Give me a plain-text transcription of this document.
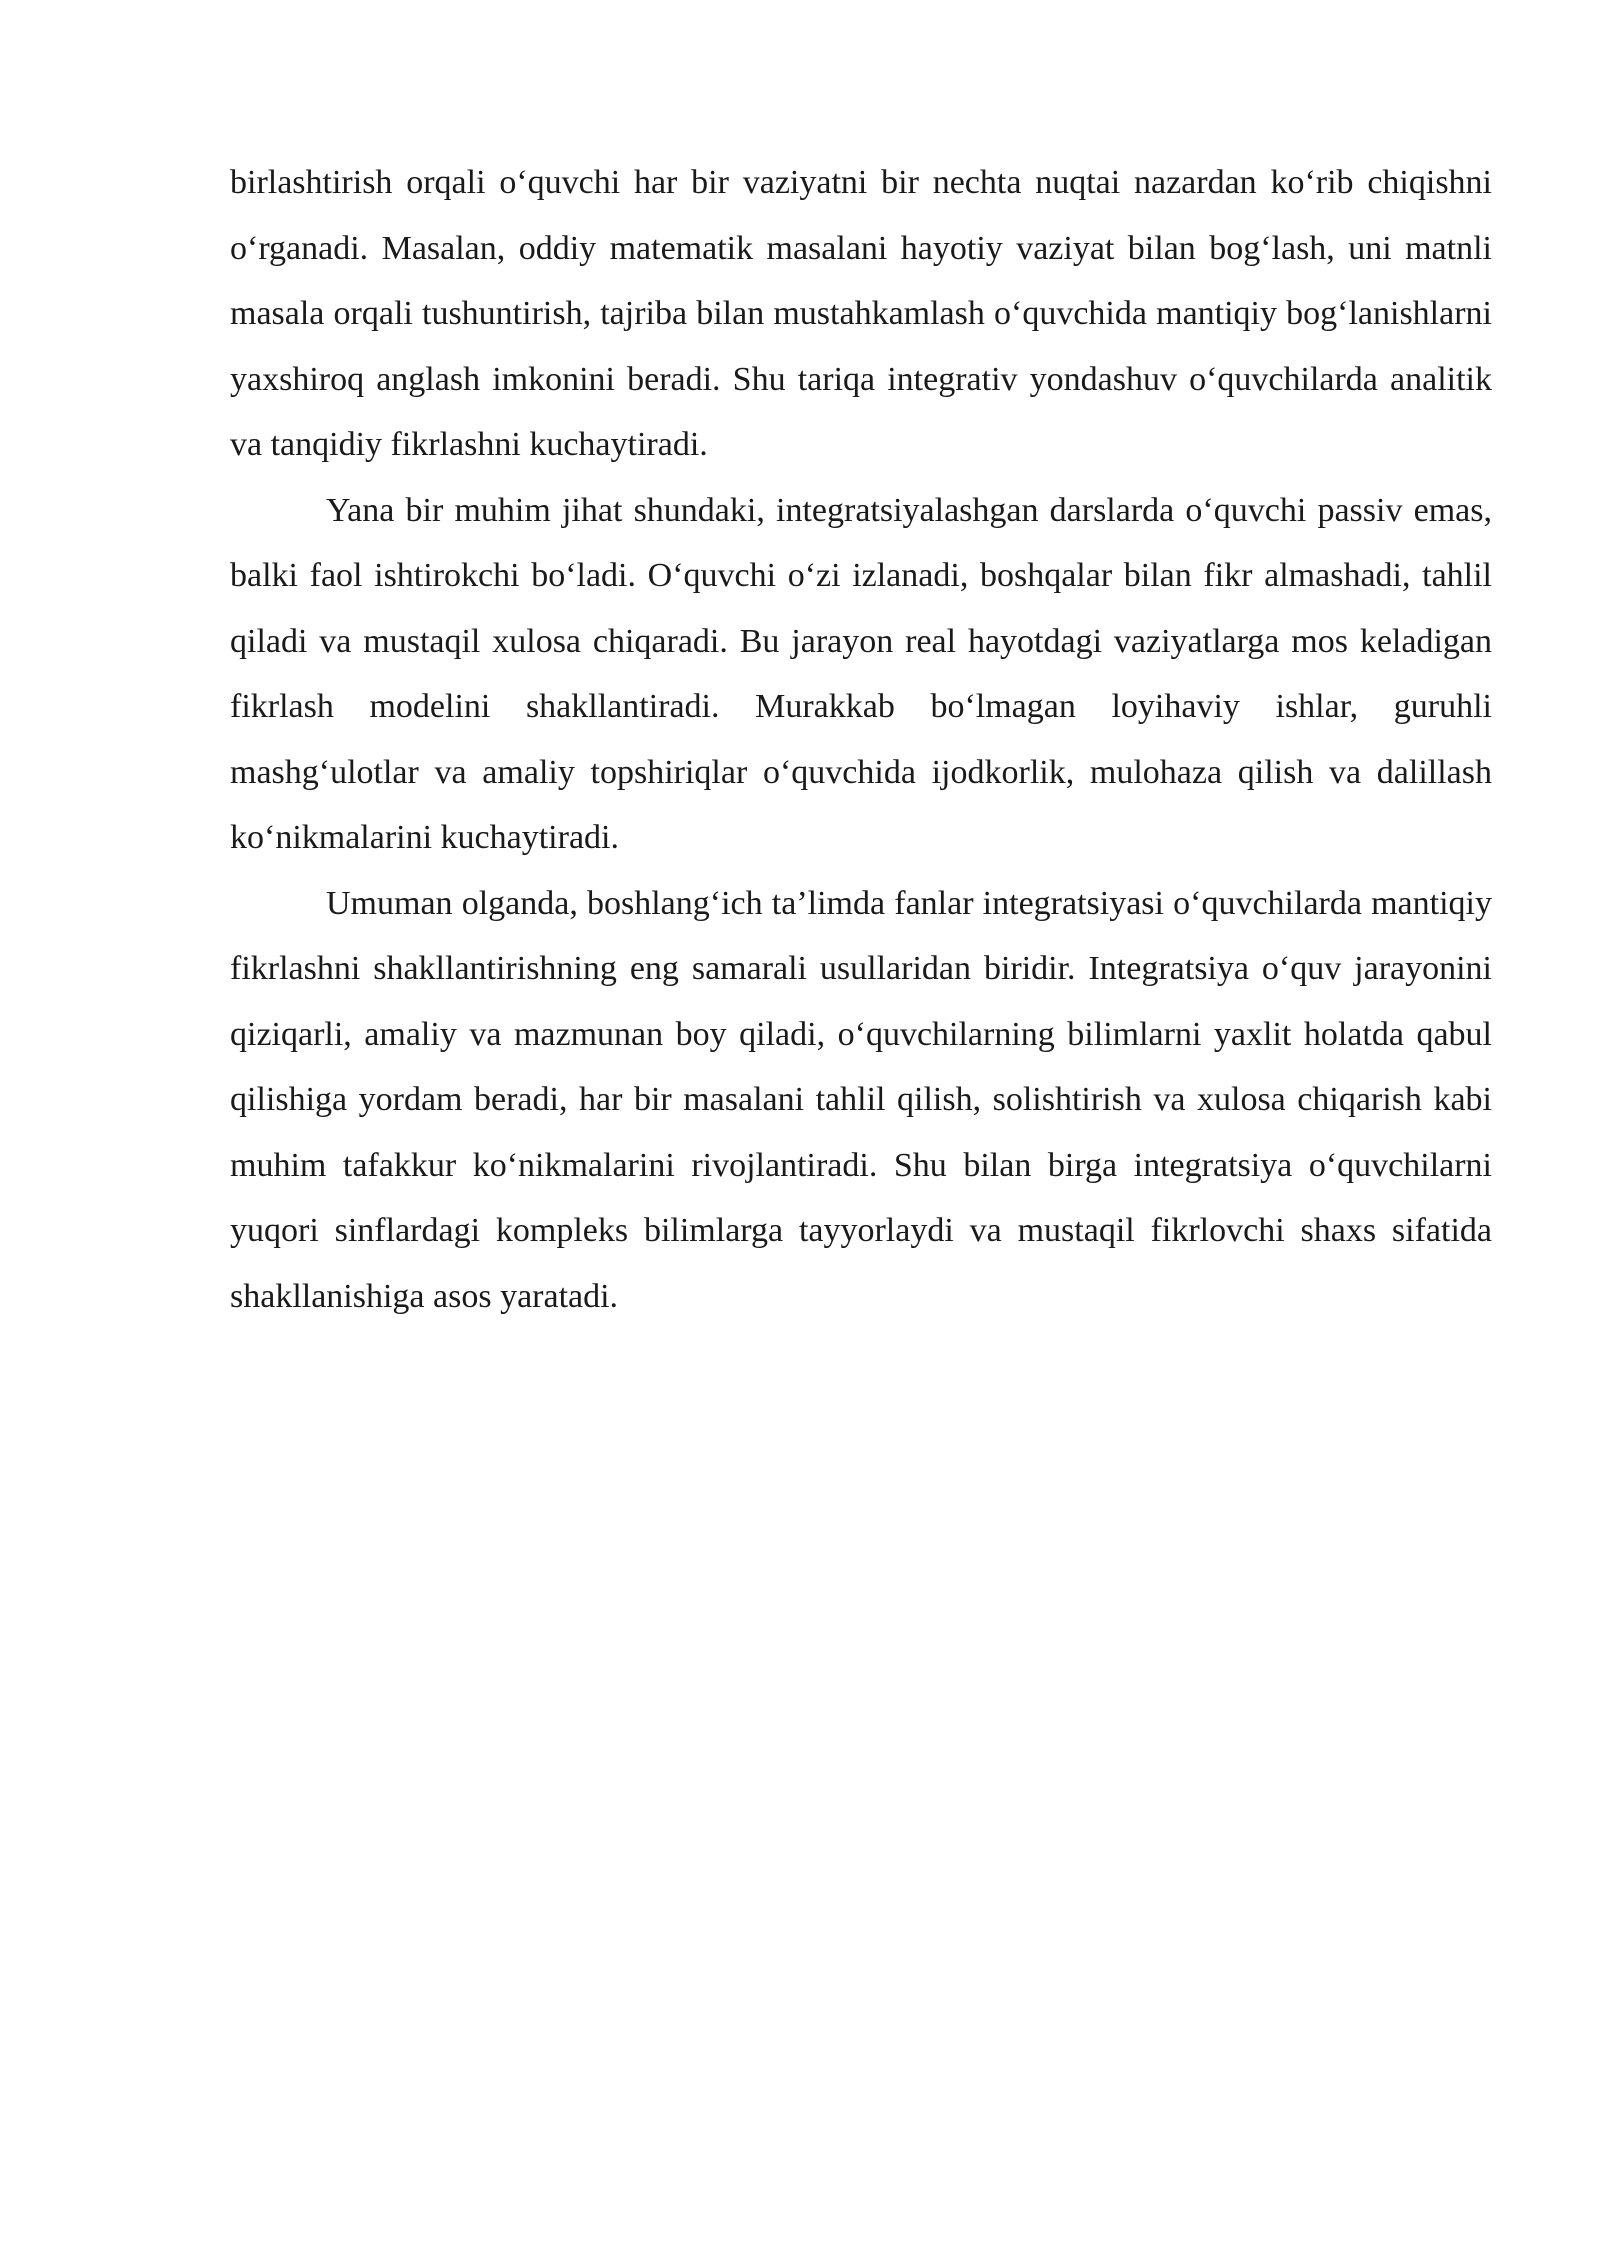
birlashtirish orqali o‘quvchi har bir vaziyatni bir nechta nuqtai nazardan ko‘rib chiqishni o‘rganadi. Masalan, oddiy matematik masalani hayotiy vaziyat bilan bog‘lash, uni matnli masala orqali tushuntirish, tajriba bilan mustahkamlash o‘quvchida mantiqiy bog‘lanishlarni yaxshiroq anglash imkonini beradi. Shu tariqa integrativ yondashuv o‘quvchilarda analitik va tanqidiy fikrlashni kuchaytiradi.

Yana bir muhim jihat shundaki, integratsiyalashgan darslarda o‘quvchi passiv emas, balki faol ishtirokchi bo‘ladi. O‘quvchi o‘zi izlanadi, boshqalar bilan fikr almashadi, tahlil qiladi va mustaqil xulosa chiqaradi. Bu jarayon real hayotdagi vaziyatlarga mos keladigan fikrlash modelini shakllantiradi. Murakkab bo‘lmagan loyihaviy ishlar, guruhli mashg‘ulotlar va amaliy topshiriqlar o‘quvchida ijodkorlik, mulohaza qilish va dalillash ko‘nikmalarini kuchaytiradi.

Umuman olganda, boshlang‘ich ta’limda fanlar integratsiyasi o‘quvchilarda mantiqiy fikrlashni shakllantirishning eng samarali usullaridan biridir. Integratsiya o‘quv jarayonini qiziqarli, amaliy va mazmunan boy qiladi, o‘quvchilarning bilimlarni yaxlit holatda qabul qilishiga yordam beradi, har bir masalani tahlil qilish, solishtirish va xulosa chiqarish kabi muhim tafakkur ko‘nikmalarini rivojlantiradi. Shu bilan birga integratsiya o‘quvchilarni yuqori sinflardagi kompleks bilimlarga tayyorlaydi va mustaqil fikrlovchi shaxs sifatida shakllanishiga asos yaratadi.
